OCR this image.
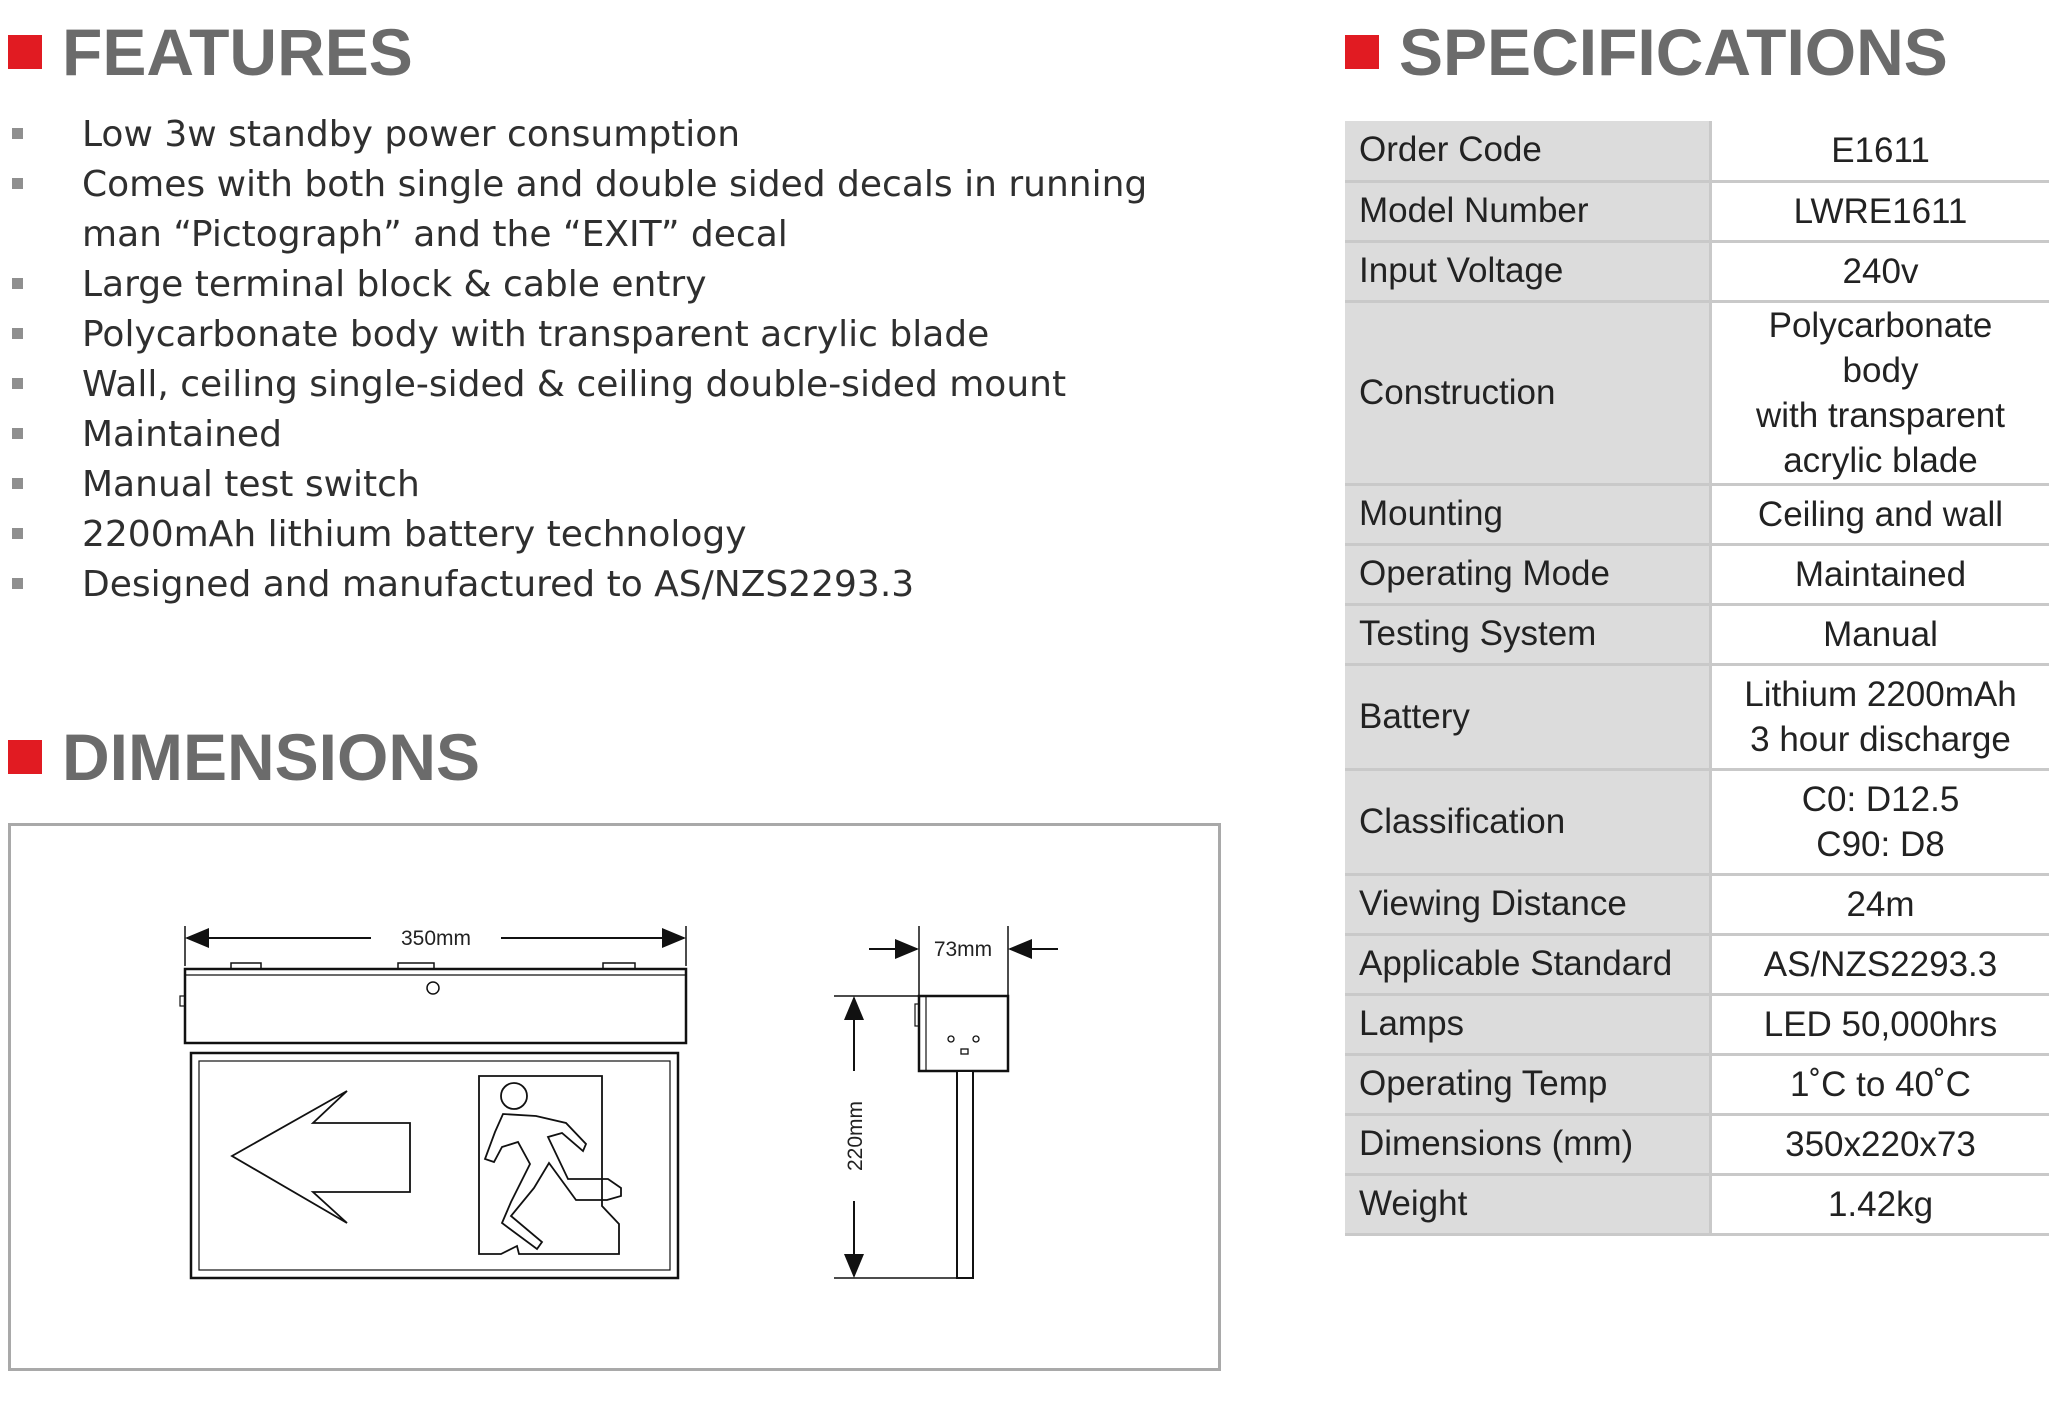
FEATURES
Low 3w standby power consumption
Comes with both single and double sided decals in running man “Pictograph” and the “EXIT” decal
Large terminal block & cable entry
Polycarbonate body with transparent acrylic blade
Wall, ceiling single-sided & ceiling double-sided mount
Maintained
Manual test switch
2200mAh lithium battery technology
Designed and manufactured to AS/NZS2293.3
DIMENSIONS
350mm	73mm
220mm
SPECIFICATIONS
Order Code	E1611
Model Number	LWRE1611
Input Voltage	240v
Construction	Polycarbonate body
with transparent
acrylic blade
Mounting	Ceiling and wall
Operating Mode	Maintained
Testing System	Manual
Battery	Lithium 2200mAh
3 hour discharge
Classification	C0: D12.5
C90: D8
Viewing Distance	24m
Applicable Standard	AS/NZS2293.3
Lamps	LED 50,000hrs
Operating Temp	1˚C to 40˚C
Dimensions (mm)	350x220x73
Weight	1.42kg
